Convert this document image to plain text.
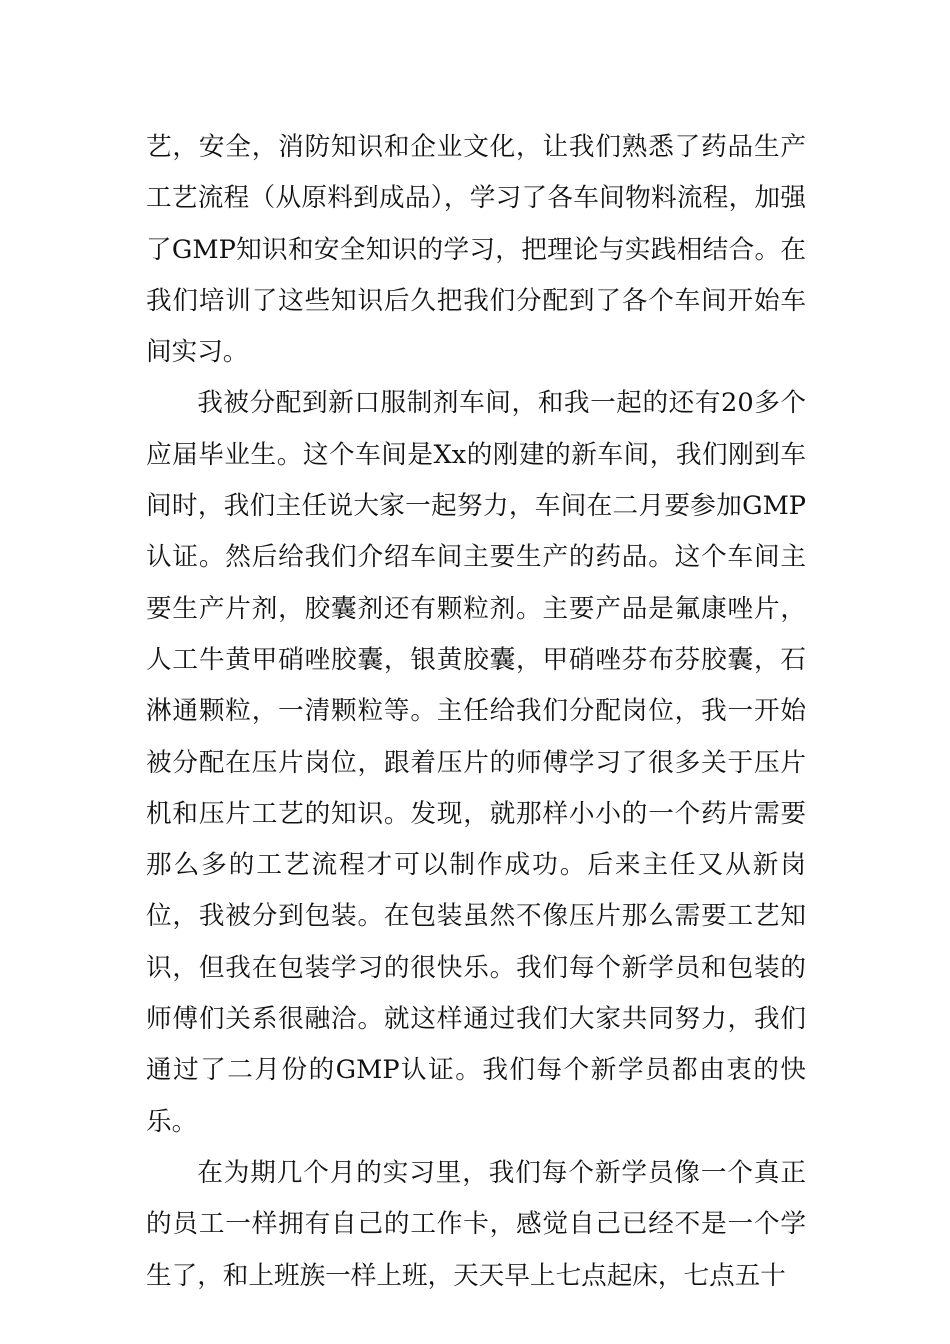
艺，安全，消防知识和企业文化，让我们熟悉了药品生产工艺流程（从原料到成品），学习了各车间物料流程，加强了GMP知识和安全知识的学习，把理论与实践相结合。在我们培训了这些知识后久把我们分配到了各个车间开始车间实习。

我被分配到新口服制剂车间，和我一起的还有20多个应届毕业生。这个车间是Xx的刚建的新车间，我们刚到车间时，我们主任说大家一起努力，车间在二月要参加GMP认证。然后给我们介绍车间主要生产的药品。这个车间主要生产片剂，胶囊剂还有颗粒剂。主要产品是氟康唑片，人工牛黄甲硝唑胶囊，银黄胶囊，甲硝唑芬布芬胶囊，石淋通颗粒，一清颗粒等。主任给我们分配岗位，我一开始被分配在压片岗位，跟着压片的师傅学习了很多关于压片机和压片工艺的知识。发现，就那样小小的一个药片需要那么多的工艺流程才可以制作成功。后来主任又从新岗位，我被分到包装。在包装虽然不像压片那么需要工艺知识，但我在包装学习的很快乐。我们每个新学员和包装的师傅们关系很融洽。就这样通过我们大家共同努力，我们通过了二月份的GMP认证。我们每个新学员都由衷的快乐。

在为期几个月的实习里，我们每个新学员像一个真正的员工一样拥有自己的工作卡，感觉自己已经不是一个学生了，和上班族一样上班，天天早上七点起床，七点五十
